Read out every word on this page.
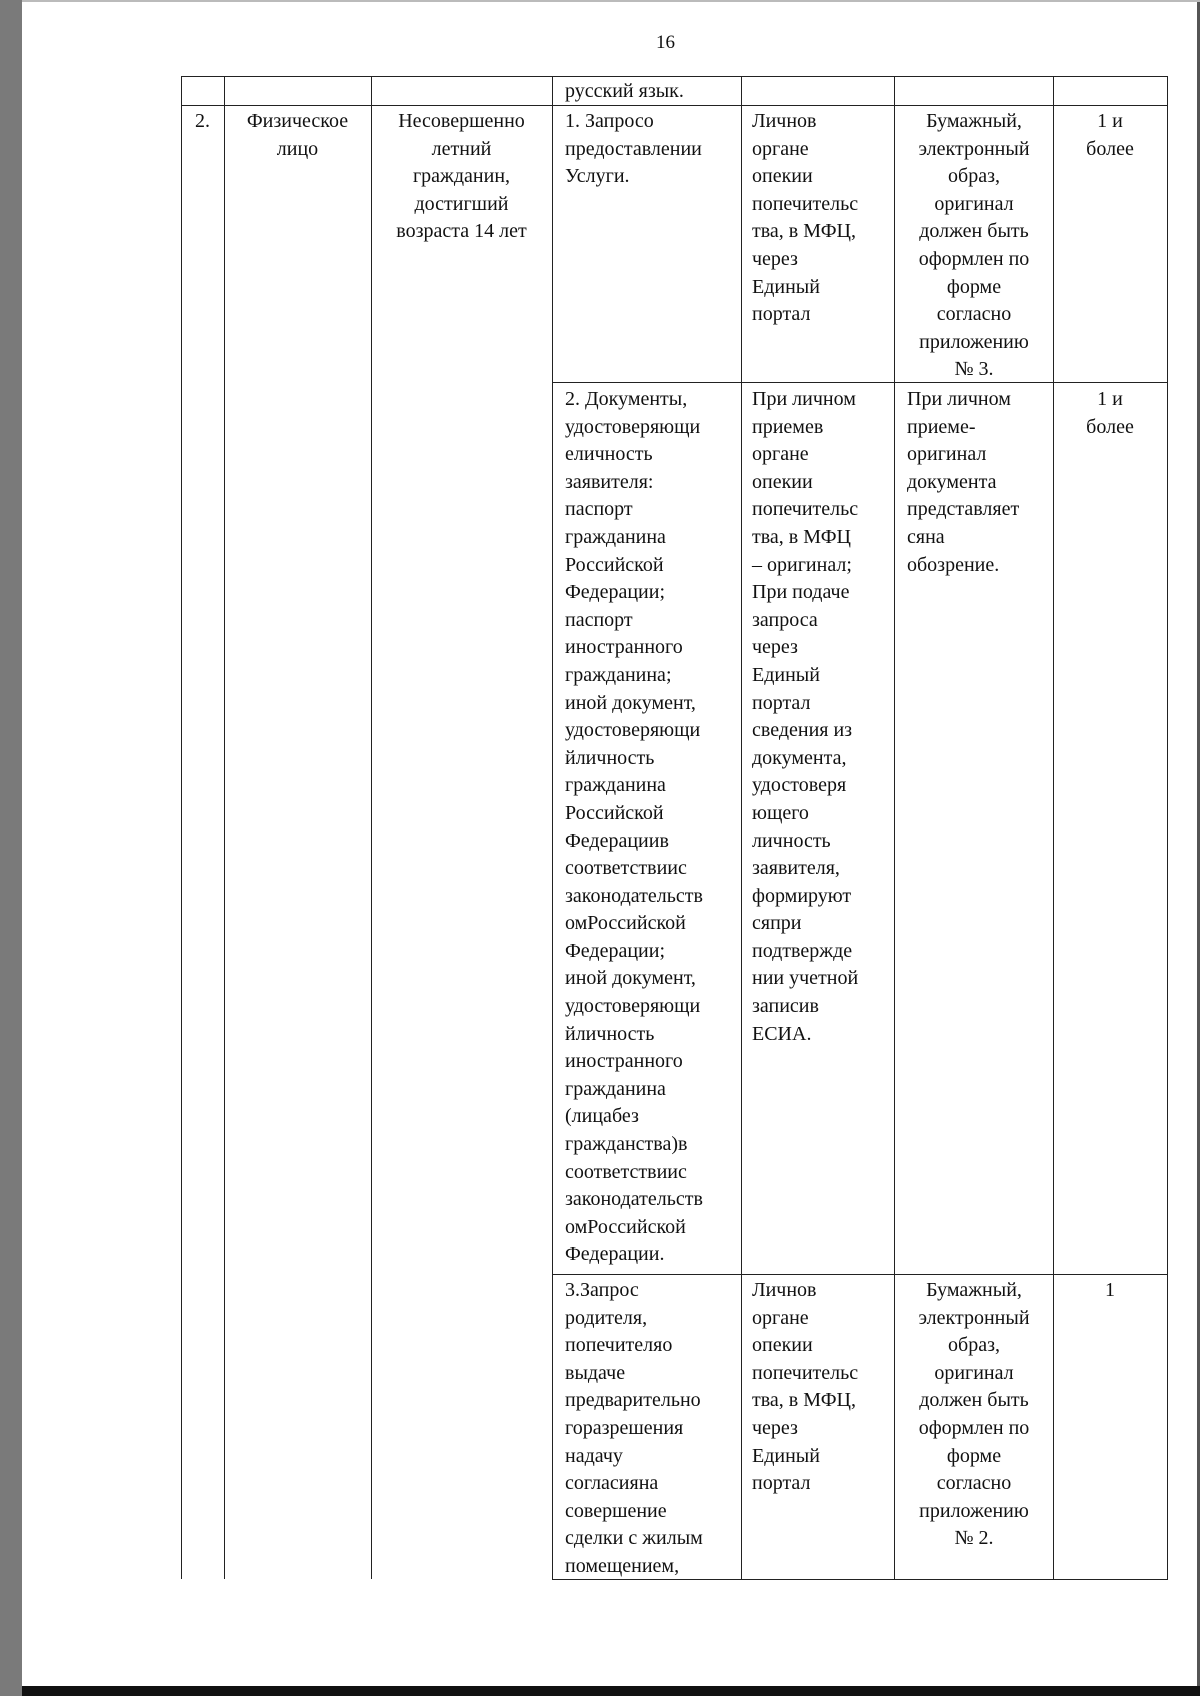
16
русский язык.
2.	Физическое
лицо
Несовершенно
летний
гражданин,
достигший
возраста 14 лет
1. Запросо
предоставлении
Услуги.
Личнов
органе
опекии
попечительс
тва, в МФЦ,
через
Единый
портал
Бумажный,
электронный
образ,
оригинал
должен быть
оформлен по
форме
согласно
приложению
№ 3.
1 и
более
2. Документы,
удостоверяющи
еличность
заявителя:
паспорт
гражданина
Российской
Федерации;
паспорт
иностранного
гражданина;
иной документ,
удостоверяющи
йличность
гражданина
Российской
Федерациив
соответствиис
законодательств
омРоссийской
Федерации;
иной документ,
удостоверяющи
йличность
иностранного
гражданина
(лицабез
гражданства)в
соответствиис
законодательств
омРоссийской
Федерации.
При личном
приемев
органе
опекии
попечительс
тва, в МФЦ
– оригинал;
При подаче
запроса
через
Единый
портал
сведения из
документа,
удостоверя
ющего
личность
заявителя,
формируют
сяпри
подтвержде
нии учетной
записив
ЕСИА.
При личном
приеме-
оригинал
документа
представляет
сяна
обозрение.
1 и
более
3.Запрос
родителя,
попечителяо
выдаче
предварительно
горазрешения
надачу
согласияна
совершение
сделки с жилым
помещением,
Личнов
органе
опекии
попечительс
тва, в МФЦ,
через
Единый
портал
Бумажный,
электронный
образ,
оригинал
должен быть
оформлен по
форме
согласно
приложению
№ 2.
1
